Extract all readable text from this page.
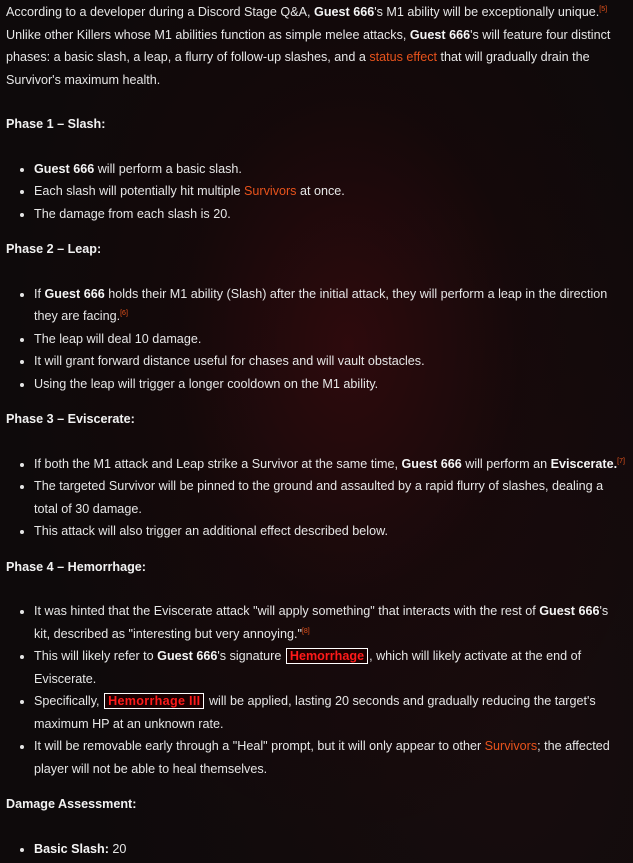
According to a developer during a Discord Stage Q&A, Guest 666's M1 ability will be exceptionally unique.[5] Unlike other Killers whose M1 abilities function as simple melee attacks, Guest 666's will feature four distinct phases: a basic slash, a leap, a flurry of follow-up slashes, and a status effect that will gradually drain the Survivor's maximum health.

Phase 1 – Slash:

• Guest 666 will perform a basic slash.
• Each slash will potentially hit multiple Survivors at once.
• The damage from each slash is 20.

Phase 2 – Leap:

• If Guest 666 holds their M1 ability (Slash) after the initial attack, they will perform a leap in the direction they are facing.[6]
• The leap will deal 10 damage.
• It will grant forward distance useful for chases and will vault obstacles.
• Using the leap will trigger a longer cooldown on the M1 ability.

Phase 3 – Eviscerate:

• If both the M1 attack and Leap strike a Survivor at the same time, Guest 666 will perform an Eviscerate.[7]
• The targeted Survivor will be pinned to the ground and assaulted by a rapid flurry of slashes, dealing a total of 30 damage.
• This attack will also trigger an additional effect described below.

Phase 4 – Hemorrhage:

• It was hinted that the Eviscerate attack "will apply something" that interacts with the rest of Guest 666's kit, described as "interesting but very annoying."[8]
• This will likely refer to Guest 666's signature Hemorrhage , which will likely activate at the end of Eviscerate.
• Specifically, Hemorrhage III will be applied, lasting 20 seconds and gradually reducing the target's maximum HP at an unknown rate.
• It will be removable early through a "Heal" prompt, but it will only appear to other Survivors; the affected player will not be able to heal themselves.

Damage Assessment:

• Basic Slash: 20
